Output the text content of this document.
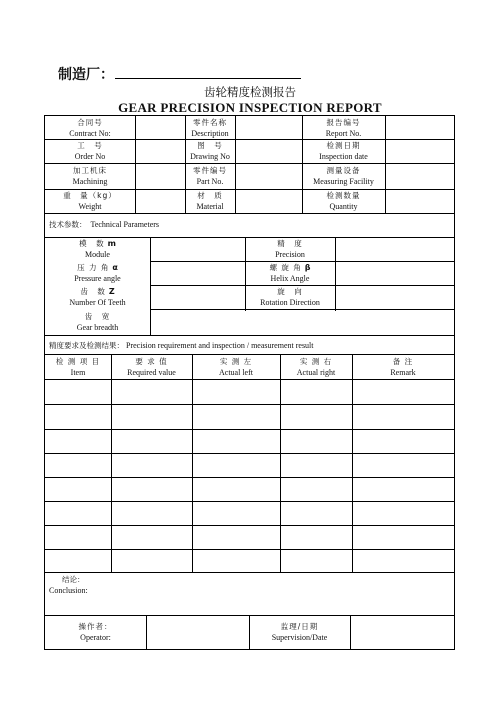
制造厂：
齿轮精度检测报告
GEAR PRECISION INSPECTION REPORT
合同号
Contract No:
零件名称
Description
报告编号
Report No.
工　号
Order No
图　号
Drawing No
检测日期
Inspection date
加工机床
Machining
零件编号
Part No.
测量设备
Measuring Facility
重　量（kg）
Weight
材　质
Material
检测数量
Quantity
技术参数： Technical Parameters
模　数 m
Module
精　度
Precision
压 力 角 α
Pressure angle
螺 旋 角 β
Helix Angle
齿　数 Z
Number Of Teeth
旋　向
Rotation Direction
齿　宽
Gear breadth
精度要求及检测结果： Precision requirement and inspection / measurement result
检 测 项 目
Item
要 求 值
Required value
实 测 左
Actual left
实 测 右
Actual right
备 注
Remark
结论：
Conclusion:
操作者：
Operator:
监理/日期
Supervision/Date
